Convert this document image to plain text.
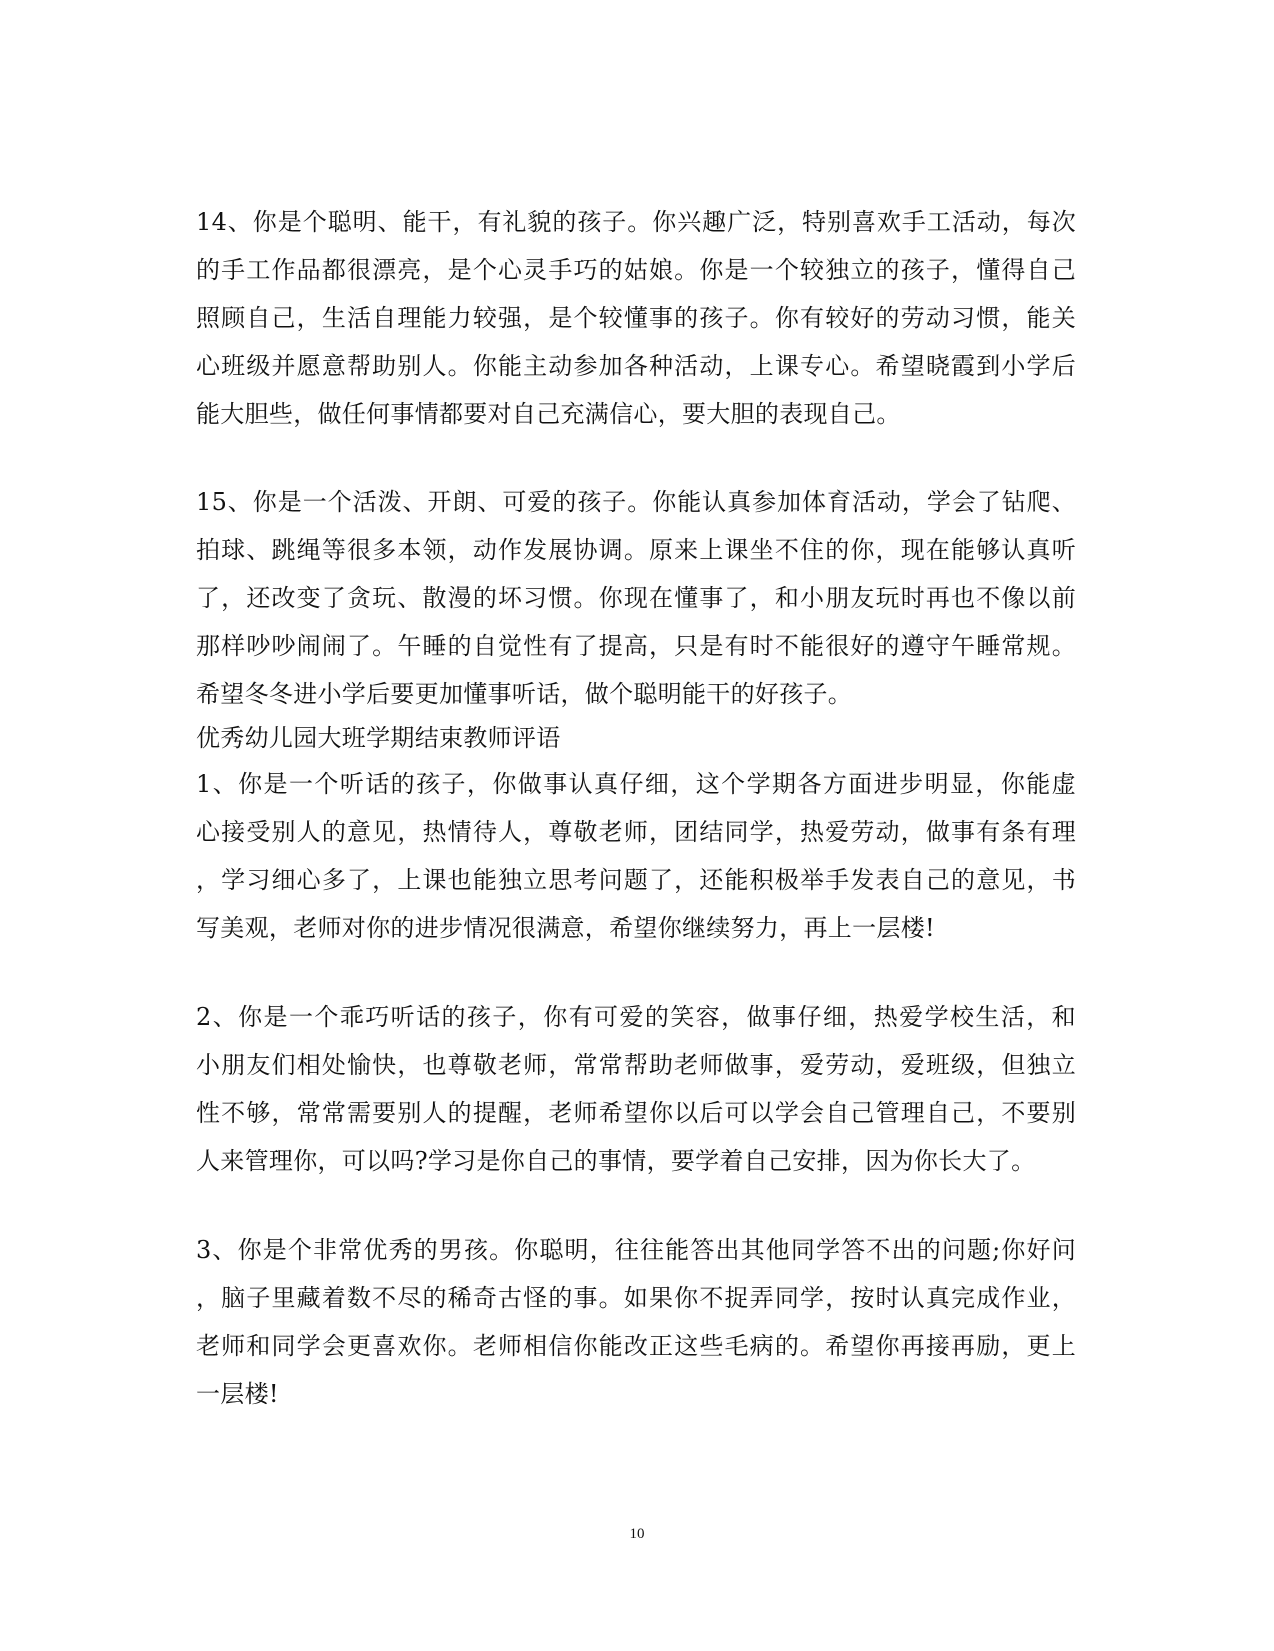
14、你是个聪明、能干，有礼貌的孩子。你兴趣广泛，特别喜欢手工活动，每次
的手工作品都很漂亮，是个心灵手巧的姑娘。你是一个较独立的孩子，懂得自己
照顾自己，生活自理能力较强，是个较懂事的孩子。你有较好的劳动习惯，能关
心班级并愿意帮助别人。你能主动参加各种活动，上课专心。希望晓霞到小学后
能大胆些，做任何事情都要对自己充满信心，要大胆的表现自己。
15、你是一个活泼、开朗、可爱的孩子。你能认真参加体育活动，学会了钻爬、
拍球、跳绳等很多本领，动作发展协调。原来上课坐不住的你，现在能够认真听
了，还改变了贪玩、散漫的坏习惯。你现在懂事了，和小朋友玩时再也不像以前
那样吵吵闹闹了。午睡的自觉性有了提高，只是有时不能很好的遵守午睡常规。
希望冬冬进小学后要更加懂事听话，做个聪明能干的好孩子。
优秀幼儿园大班学期结束教师评语
1、你是一个听话的孩子，你做事认真仔细，这个学期各方面进步明显，你能虚
心接受别人的意见，热情待人，尊敬老师，团结同学，热爱劳动，做事有条有理
，学习细心多了，上课也能独立思考问题了，还能积极举手发表自己的意见，书
写美观，老师对你的进步情况很满意，希望你继续努力，再上一层楼!
2、你是一个乖巧听话的孩子，你有可爱的笑容，做事仔细，热爱学校生活，和
小朋友们相处愉快，也尊敬老师，常常帮助老师做事，爱劳动，爱班级，但独立
性不够，常常需要别人的提醒，老师希望你以后可以学会自己管理自己，不要别
人来管理你，可以吗?学习是你自己的事情，要学着自己安排，因为你长大了。
3、你是个非常优秀的男孩。你聪明，往往能答出其他同学答不出的问题;你好问
，脑子里藏着数不尽的稀奇古怪的事。如果你不捉弄同学，按时认真完成作业，
老师和同学会更喜欢你。老师相信你能改正这些毛病的。希望你再接再励，更上
一层楼!
10
